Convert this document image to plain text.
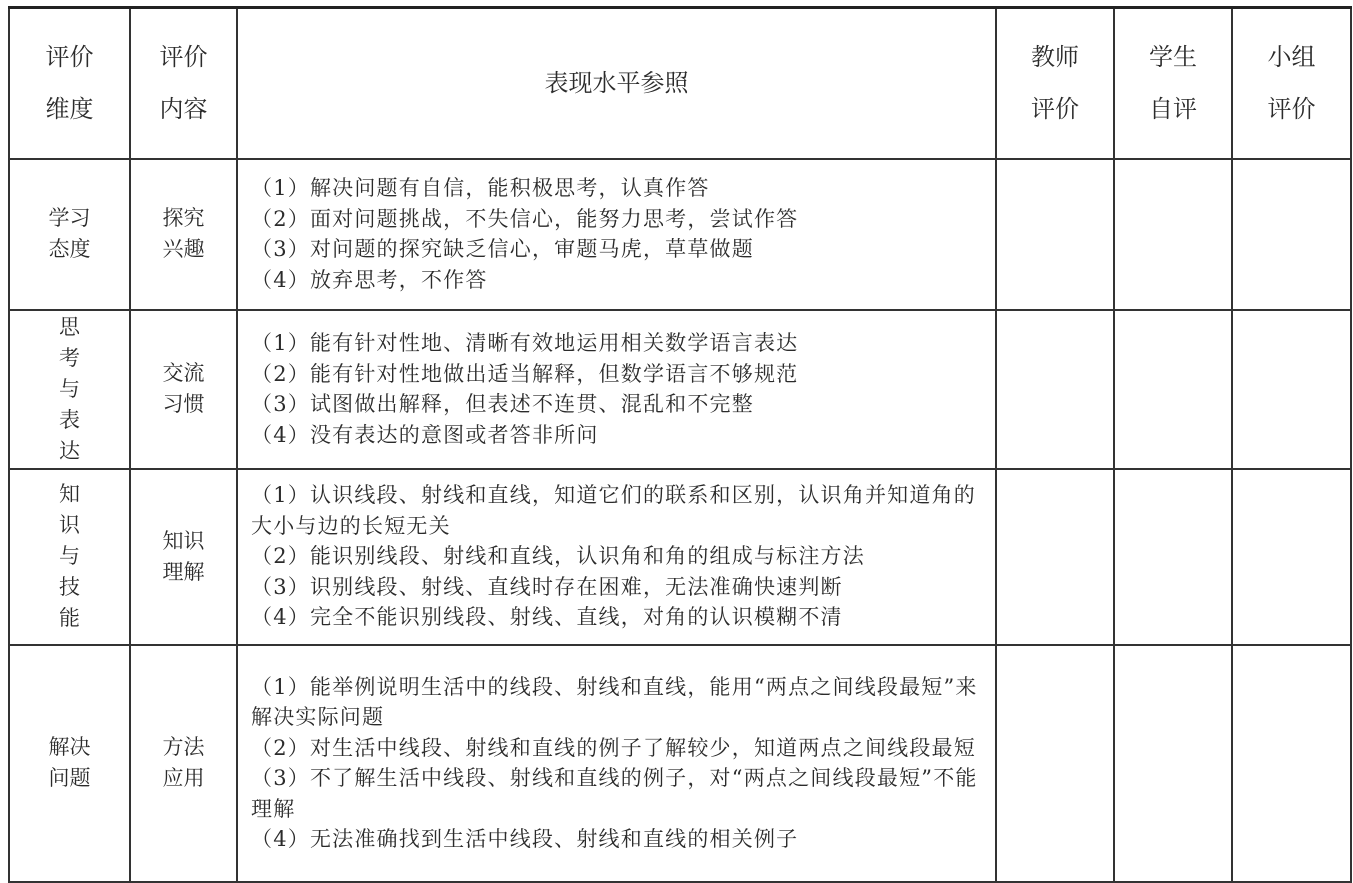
评价维度	评价内容	表现水平参照	教师评价	学生自评	小组评价

学习态度	探究兴趣	（1）解决问题有自信，能积极思考，认真作答
（2）面对问题挑战，不失信心，能努力思考，尝试作答
（3）对问题的探究缺乏信心，审题马虎，草草做题
（4）放弃思考，不作答			

思考与表达	交流习惯	（1）能有针对性地、清晰有效地运用相关数学语言表达
（2）能有针对性地做出适当解释，但数学语言不够规范
（3）试图做出解释，但表述不连贯、混乱和不完整
（4）没有表达的意图或者答非所问			

知识与技能	知识理解	（1）认识线段、射线和直线，知道它们的联系和区别，认识角并知道角的大小与边的长短无关
（2）能识别线段、射线和直线，认识角和角的组成与标注方法
（3）识别线段、射线、直线时存在困难，无法准确快速判断
（4）完全不能识别线段、射线、直线，对角的认识模糊不清			

解决问题	方法应用	（1）能举例说明生活中的线段、射线和直线，能用“两点之间线段最短”来解决实际问题
（2）对生活中线段、射线和直线的例子了解较少，知道两点之间线段最短
（3）不了解生活中线段、射线和直线的例子，对“两点之间线段最短”不能理解
（4）无法准确找到生活中线段、射线和直线的相关例子			
